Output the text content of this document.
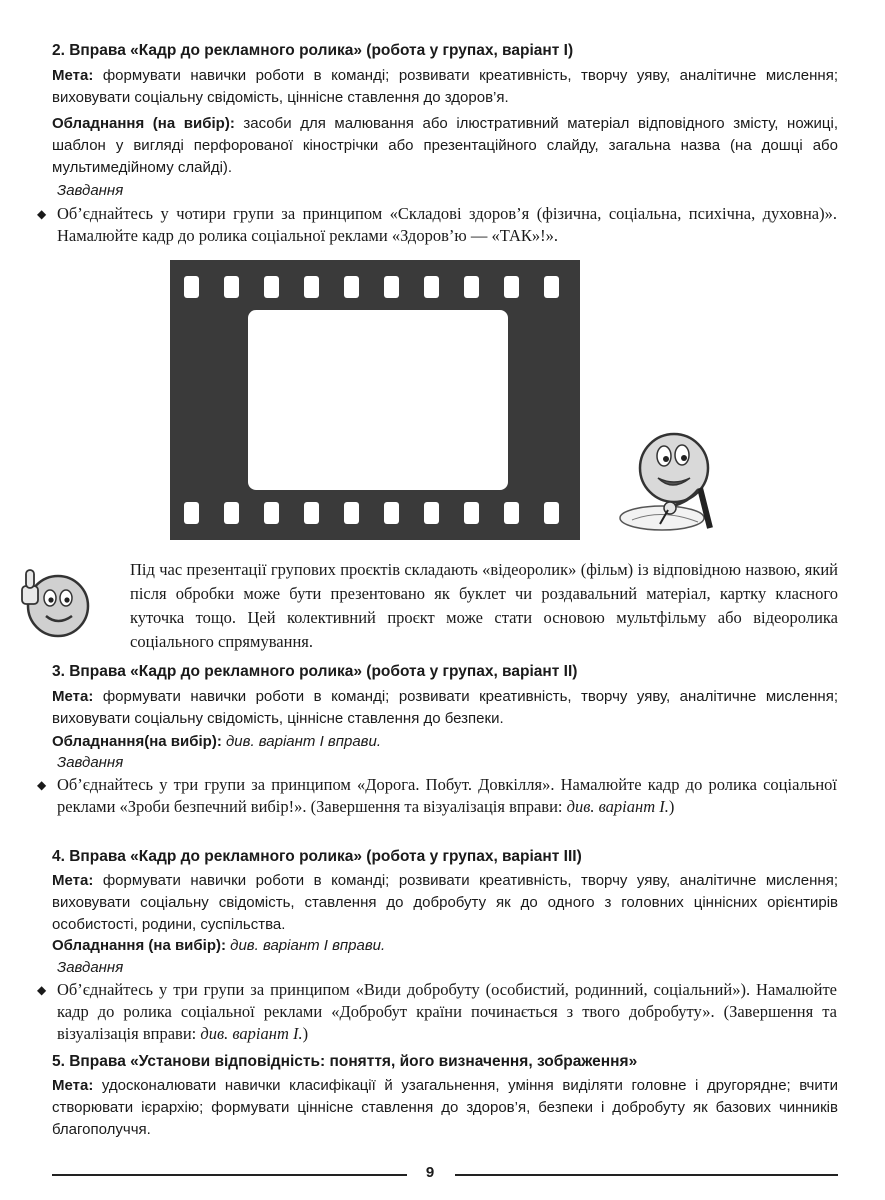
2. Вправа «Кадр до рекламного ролика» (робота у групах, варіант І)
Мета: формувати навички роботи в команді; розвивати креативність, творчу уяву, аналітичне мислення; виховувати соціальну свідомість, ціннісне ставлення до здоров’я.
Обладнання (на вибір): засоби для малювання або ілюстративний матеріал відповідного змісту, ножиці, шаблон у вигляді перфорованої кінострічки або презентаційного слайду, загальна назва (на дошці або мультимедійному слайді).
Завдання
◆ Об’єднайтесь у чотири групи за принципом «Складові здоров’я (фізична, соціальна, психічна, духовна)». Намалюйте кадр до ролика соціальної реклами «Здоров’ю — «ТАК»!».
Під час презентації групових проєктів складають «відеоролик» (фільм) із відповідною назвою, який після обробки може бути презентовано як буклет чи роздавальний матеріал, картку класного куточка тощо. Цей колективний проєкт може стати основою мультфільму або відеоролика соціального спрямування.
3. Вправа «Кадр до рекламного ролика» (робота у групах, варіант ІІ)
Мета: формувати навички роботи в команді; розвивати креативність, творчу уяву, аналітичне мислення; виховувати соціальну свідомість, ціннісне ставлення до безпеки.
Обладнання(на вибір): див. варіант І вправи.
Завдання
◆ Об’єднайтесь у три групи за принципом «Дорога. Побут. Довкілля». Намалюйте кадр до ролика соціальної реклами «Зроби безпечний вибір!». (Завершення та візуалізація вправи: див. варіант І.)
4. Вправа «Кадр до рекламного ролика» (робота у групах, варіант ІІІ)
Мета: формувати навички роботи в команді; розвивати креативність, творчу уяву, аналітичне мислення; виховувати соціальну свідомість, ставлення до добробуту як до одного з головних ціннісних орієнтирів особистості, родини, суспільства.
Обладнання (на вибір): див. варіант І вправи.
Завдання
◆ Об’єднайтесь у три групи за принципом «Види добробуту (особистий, родинний, соціальний»). Намалюйте кадр до ролика соціальної реклами «Добробут країни починається з твого добробуту». (Завершення та візуалізація вправи: див. варіант І.)
5. Вправа «Установи відповідність: поняття, його визначення, зображення»
Мета: удосконалювати навички класифікації й узагальнення, уміння виділяти головне і другорядне; вчити створювати ієрархію; формувати ціннісне ставлення до здоров’я, безпеки і добробуту як базових чинників благополуччя.
9
